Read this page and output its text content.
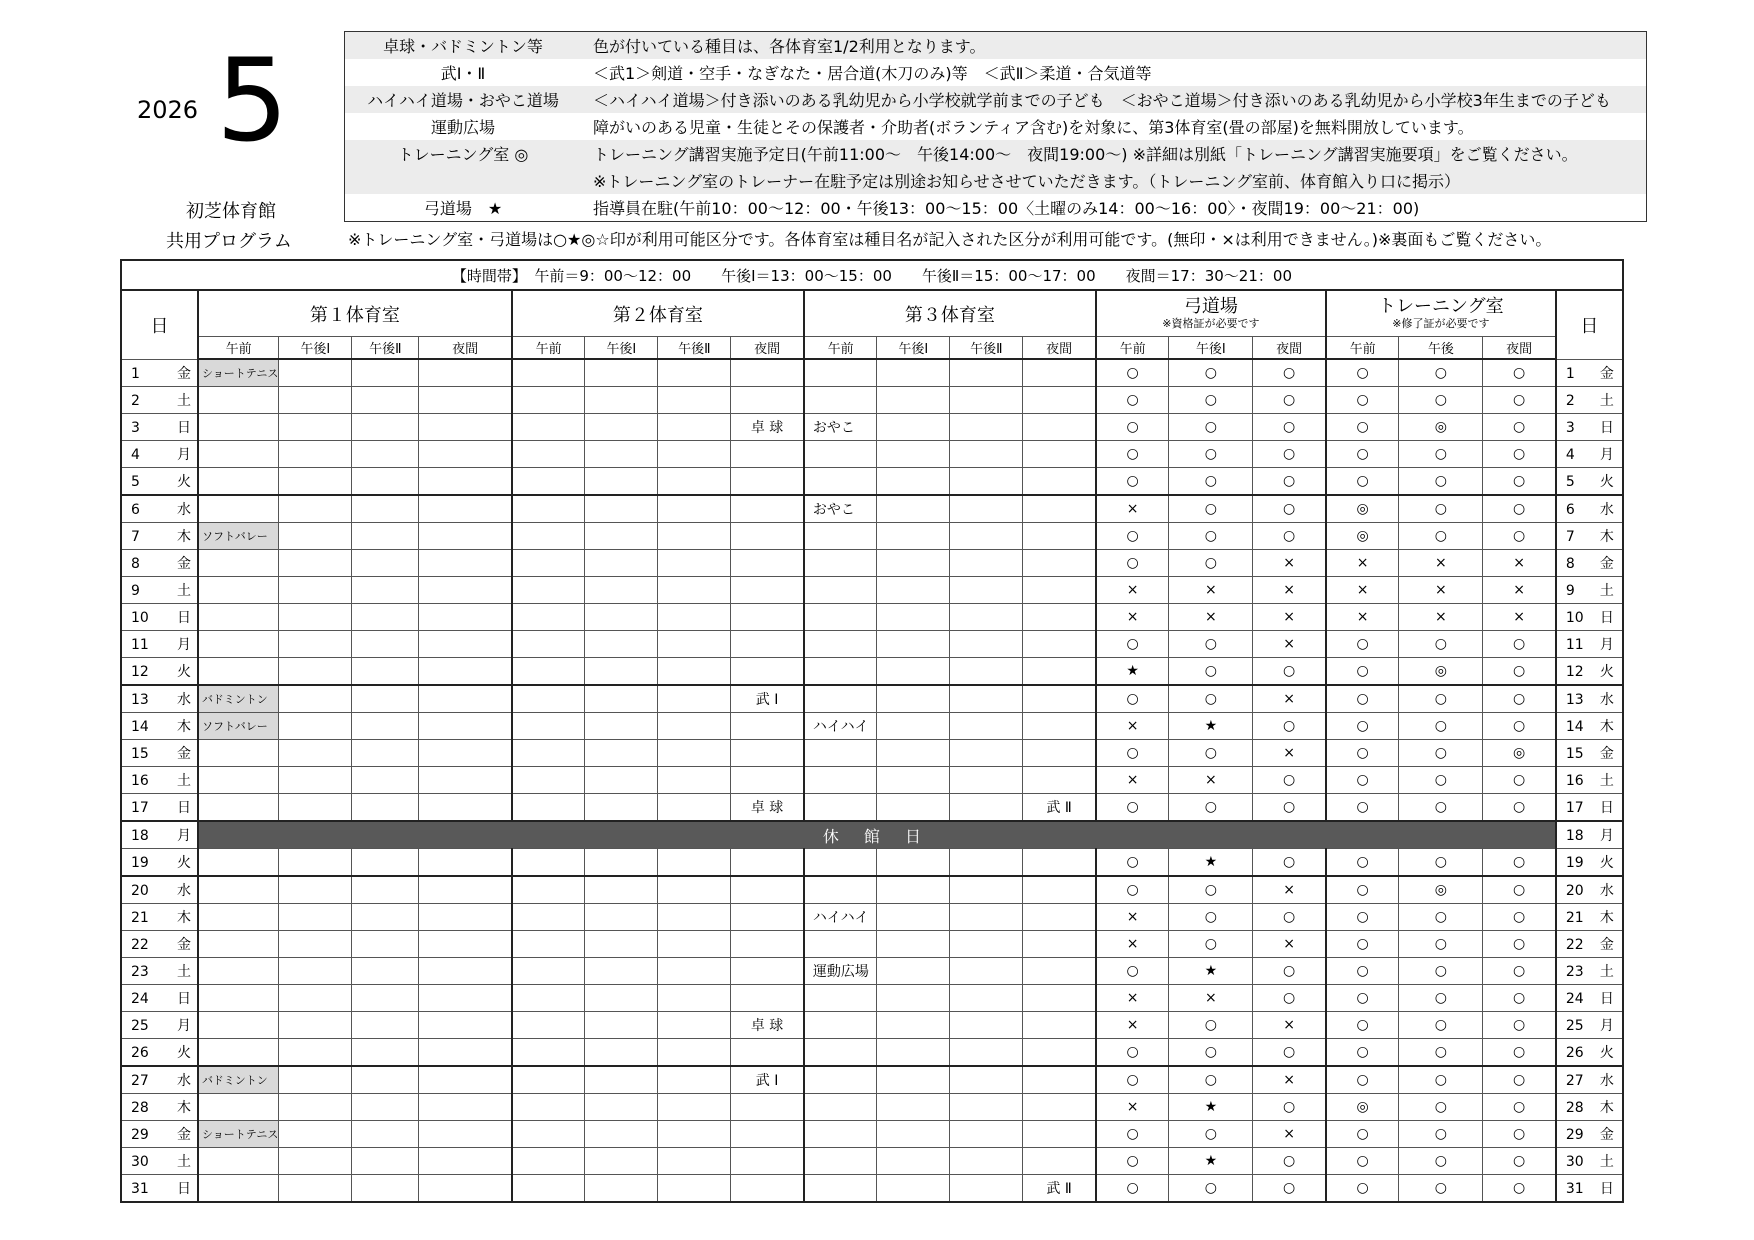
2026 5
初芝体育館
共用プログラム
卓球・バドミントン等	色が付いている種目は、各体育室1/2利用となります。
武Ⅰ・Ⅱ	＜武1＞剣道・空手・なぎなた・居合道(木刀のみ)等　＜武Ⅱ＞柔道・合気道等
ハイハイ道場・おやこ道場	＜ハイハイ道場＞付き添いのある乳幼児から小学校就学前までの子ども　＜おやこ道場＞付き添いのある乳幼児から小学校3年生までの子ども
運動広場	障がいのある児童・生徒とその保護者・介助者(ボランティア含む)を対象に、第3体育室(畳の部屋)を無料開放しています。
トレーニング室 ◎	トレーニング講習実施予定日(午前11:00～　午後14:00～　夜間19:00～) ※詳細は別紙「トレーニング講習実施要項」をご覧ください。
	※トレーニング室のトレーナー在駐予定は別途お知らせさせていただきます。（トレーニング室前、体育館入り口に掲示）
弓道場　★	指導員在駐(午前10：00～12：00・午後13：00～15：00〈土曜のみ14：00～16：00〉・夜間19：00～21：00)
※トレーニング室・弓道場は○★◎☆印が利用可能区分です。各体育室は種目名が記入された区分が利用可能です。(無印・×は利用できません。)※裏面もご覧ください。
【時間帯】　午前＝9：00～12：00　　午後Ⅰ＝13：00～15：00　　午後Ⅱ＝15：00～17：00　　夜間＝17：30～21：00																			
日	第１体育室				第２体育室				第３体育室				弓道場
※資格証が必要です			トレーニング室
※修了証が必要です			日
	午前	午後Ⅰ	午後Ⅱ	夜間	午前	午後Ⅰ	午後Ⅱ	夜間	午前	午後Ⅰ	午後Ⅱ	夜間	午前	午後Ⅰ	夜間	午前	午後	夜間	
1 金	ショートテニス												○	○	○	○	○	○	1 金
2 土													○	○	○	○	○	○	2 土
3 日								卓 球	おやこ				○	○	○	○	◎	○	3 日
4 月													○	○	○	○	○	○	4 月
5 火													○	○	○	○	○	○	5 火
6 水									おやこ				×	○	○	◎	○	○	6 水
7 木	ソフトバレー												○	○	○	◎	○	○	7 木
8 金													○	○	×	×	×	×	8 金
9 土													×	×	×	×	×	×	9 土
10 日													×	×	×	×	×	×	10 日
11 月													○	○	×	○	○	○	11 月
12 火													★	○	○	○	◎	○	12 火
13 水	バドミントン							武 Ⅰ					○	○	×	○	○	○	13 水
14 木	ソフトバレー								ハイハイ				×	★	○	○	○	○	14 木
15 金													○	○	×	○	○	◎	15 金
16 土													×	×	○	○	○	○	16 土
17 日								卓 球				武 Ⅱ	○	○	○	○	○	○	17 日
18 月	休 館 日																		18 月
19 火													○	★	○	○	○	○	19 火
20 水													○	○	×	○	◎	○	20 水
21 木									ハイハイ				×	○	○	○	○	○	21 木
22 金													×	○	×	○	○	○	22 金
23 土									運動広場				○	★	○	○	○	○	23 土
24 日													×	×	○	○	○	○	24 日
25 月								卓 球					×	○	×	○	○	○	25 月
26 火													○	○	○	○	○	○	26 火
27 水	バドミントン							武 Ⅰ					○	○	×	○	○	○	27 水
28 木													×	★	○	◎	○	○	28 木
29 金	ショートテニス												○	○	×	○	○	○	29 金
30 土													○	★	○	○	○	○	30 土
31 日												武 Ⅱ	○	○	○	○	○	○	31 日
